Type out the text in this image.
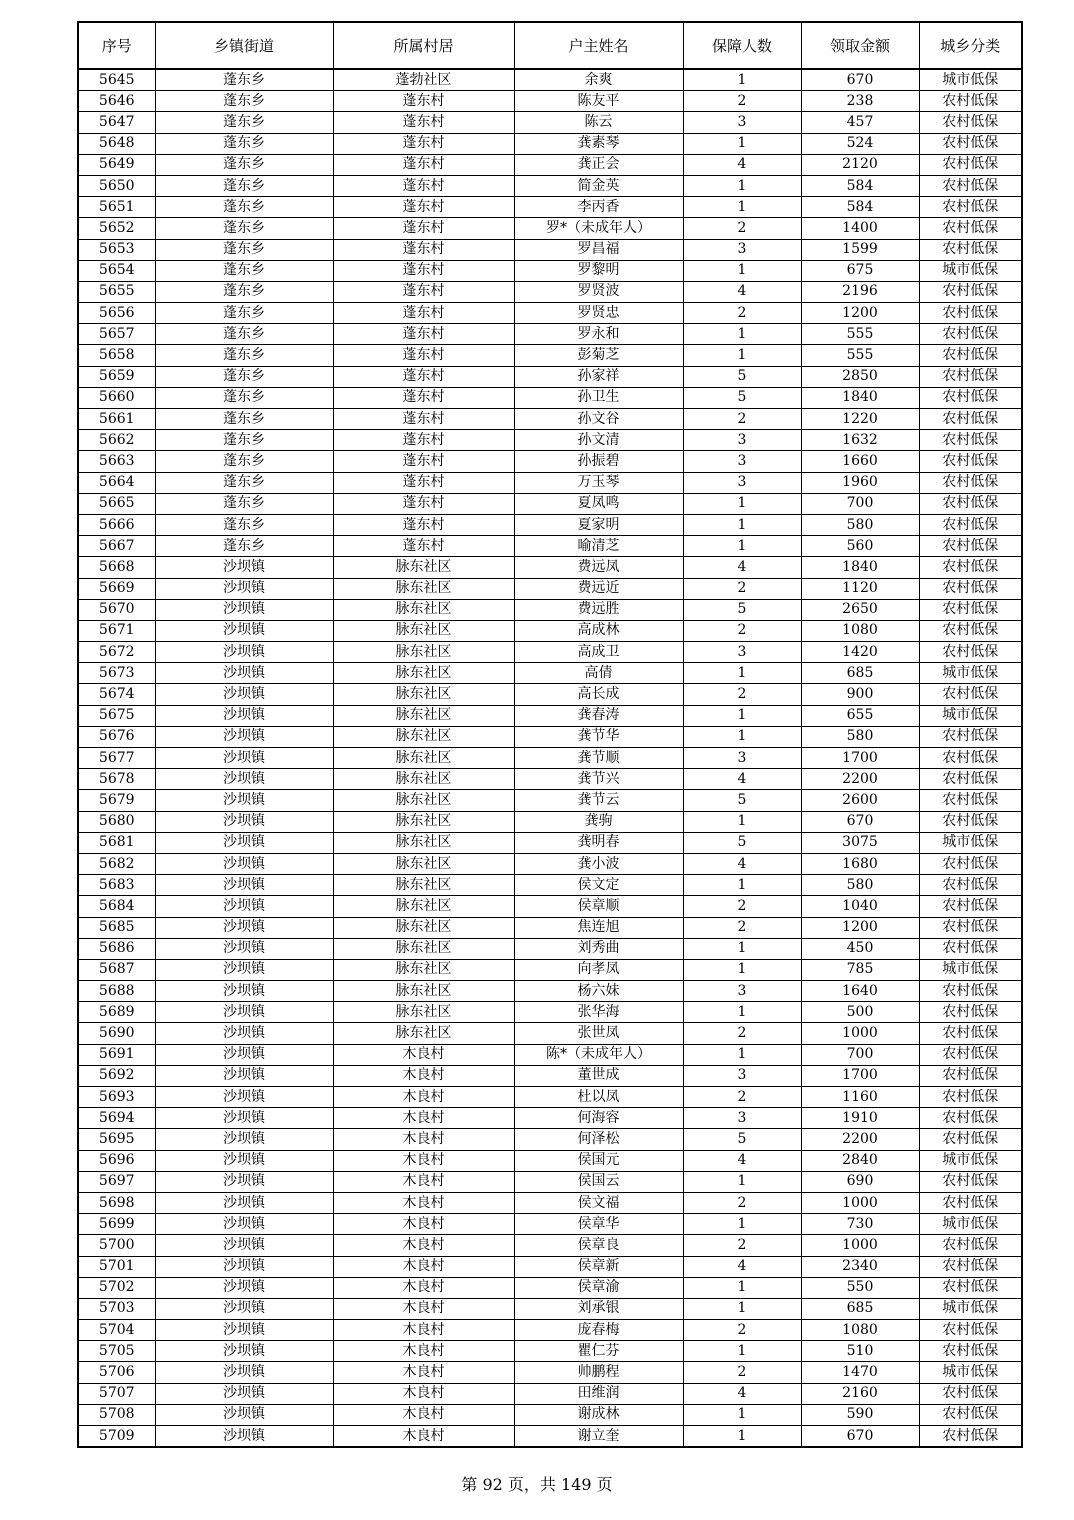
序号	乡镇街道	所属村居	户主姓名	保障人数	领取金额	城乡分类
5645	蓬东乡	蓬勃社区	余爽	1	670	城市低保
5646	蓬东乡	蓬东村	陈友平	2	238	农村低保
5647	蓬东乡	蓬东村	陈云	3	457	农村低保
5648	蓬东乡	蓬东村	龚素琴	1	524	农村低保
5649	蓬东乡	蓬东村	龚正会	4	2120	农村低保
5650	蓬东乡	蓬东村	简金英	1	584	农村低保
5651	蓬东乡	蓬东村	李丙香	1	584	农村低保
5652	蓬东乡	蓬东村	罗*（未成年人）	2	1400	农村低保
5653	蓬东乡	蓬东村	罗昌福	3	1599	农村低保
5654	蓬东乡	蓬东村	罗黎明	1	675	城市低保
5655	蓬东乡	蓬东村	罗贤波	4	2196	农村低保
5656	蓬东乡	蓬东村	罗贤忠	2	1200	农村低保
5657	蓬东乡	蓬东村	罗永和	1	555	农村低保
5658	蓬东乡	蓬东村	彭菊芝	1	555	农村低保
5659	蓬东乡	蓬东村	孙家祥	5	2850	农村低保
5660	蓬东乡	蓬东村	孙卫生	5	1840	农村低保
5661	蓬东乡	蓬东村	孙文谷	2	1220	农村低保
5662	蓬东乡	蓬东村	孙文清	3	1632	农村低保
5663	蓬东乡	蓬东村	孙振碧	3	1660	农村低保
5664	蓬东乡	蓬东村	万玉琴	3	1960	农村低保
5665	蓬东乡	蓬东村	夏凤鸣	1	700	农村低保
5666	蓬东乡	蓬东村	夏家明	1	580	农村低保
5667	蓬东乡	蓬东村	喻清芝	1	560	农村低保
5668	沙坝镇	脉东社区	费远凤	4	1840	农村低保
5669	沙坝镇	脉东社区	费远近	2	1120	农村低保
5670	沙坝镇	脉东社区	费远胜	5	2650	农村低保
5671	沙坝镇	脉东社区	高成林	2	1080	农村低保
5672	沙坝镇	脉东社区	高成卫	3	1420	农村低保
5673	沙坝镇	脉东社区	高倩	1	685	城市低保
5674	沙坝镇	脉东社区	高长成	2	900	农村低保
5675	沙坝镇	脉东社区	龚春涛	1	655	城市低保
5676	沙坝镇	脉东社区	龚节华	1	580	农村低保
5677	沙坝镇	脉东社区	龚节顺	3	1700	农村低保
5678	沙坝镇	脉东社区	龚节兴	4	2200	农村低保
5679	沙坝镇	脉东社区	龚节云	5	2600	农村低保
5680	沙坝镇	脉东社区	龚驹	1	670	农村低保
5681	沙坝镇	脉东社区	龚明春	5	3075	城市低保
5682	沙坝镇	脉东社区	龚小波	4	1680	农村低保
5683	沙坝镇	脉东社区	侯文定	1	580	农村低保
5684	沙坝镇	脉东社区	侯章顺	2	1040	农村低保
5685	沙坝镇	脉东社区	焦连旭	2	1200	农村低保
5686	沙坝镇	脉东社区	刘秀曲	1	450	农村低保
5687	沙坝镇	脉东社区	向孝凤	1	785	城市低保
5688	沙坝镇	脉东社区	杨六妹	3	1640	农村低保
5689	沙坝镇	脉东社区	张华海	1	500	农村低保
5690	沙坝镇	脉东社区	张世凤	2	1000	农村低保
5691	沙坝镇	木良村	陈*（未成年人）	1	700	农村低保
5692	沙坝镇	木良村	董世成	3	1700	农村低保
5693	沙坝镇	木良村	杜以凤	2	1160	农村低保
5694	沙坝镇	木良村	何海容	3	1910	农村低保
5695	沙坝镇	木良村	何泽松	5	2200	农村低保
5696	沙坝镇	木良村	侯国元	4	2840	城市低保
5697	沙坝镇	木良村	侯国云	1	690	农村低保
5698	沙坝镇	木良村	侯文福	2	1000	农村低保
5699	沙坝镇	木良村	侯章华	1	730	城市低保
5700	沙坝镇	木良村	侯章良	2	1000	农村低保
5701	沙坝镇	木良村	侯章新	4	2340	农村低保
5702	沙坝镇	木良村	侯章渝	1	550	农村低保
5703	沙坝镇	木良村	刘承银	1	685	城市低保
5704	沙坝镇	木良村	庞春梅	2	1080	农村低保
5705	沙坝镇	木良村	瞿仁芬	1	510	农村低保
5706	沙坝镇	木良村	帅鹏程	2	1470	城市低保
5707	沙坝镇	木良村	田维润	4	2160	农村低保
5708	沙坝镇	木良村	谢成林	1	590	农村低保
5709	沙坝镇	木良村	谢立奎	1	670	农村低保
第 92 页，共 149 页
